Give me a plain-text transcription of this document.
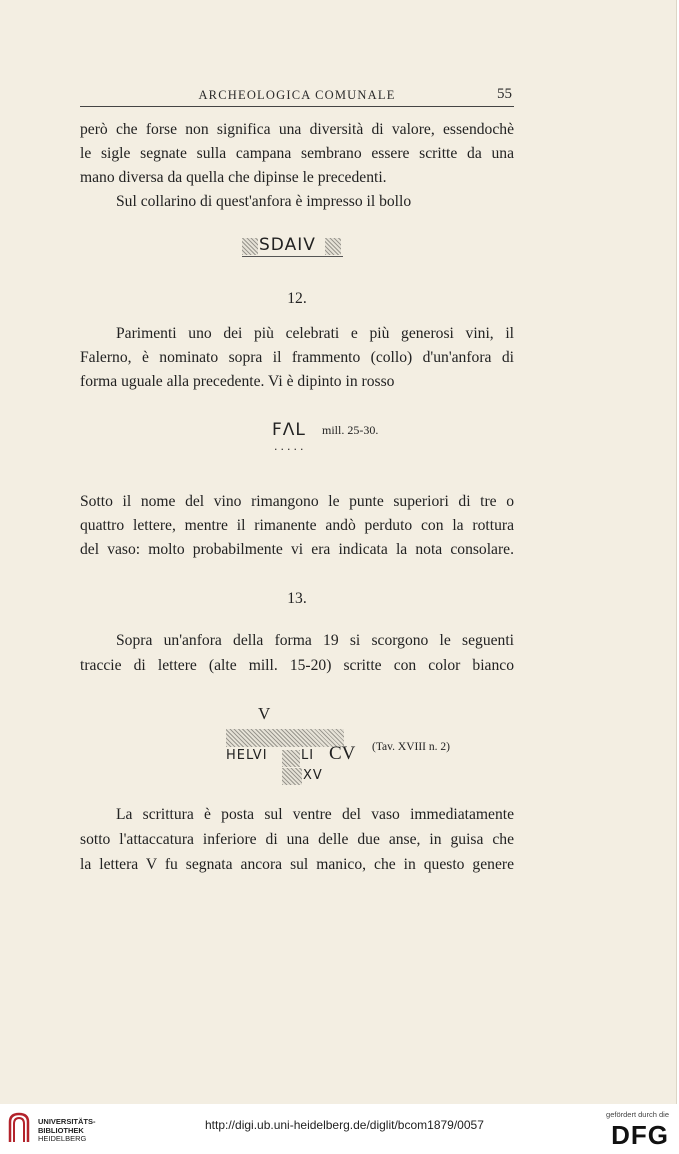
ARCHEOLOGICA COMUNALE	55
però che forse non significa una diversità di valore, essendochè
le sigle segnate sulla campana sembrano essere scritte da una
mano diversa da quella che dipinse le precedenti.
Sul collarino di quest'anfora è impresso il bollo
SDAIV
12.
Parimenti uno dei più celebrati e più generosi vini, il
Falerno, è nominato sopra il frammento (collo) d'un'anfora di
forma uguale alla precedente. Vi è dipinto in rosso
FΛL mill. 25-30.
.....
Sotto il nome del vino rimangono le punte superiori di tre o
quattro lettere, mentre il rimanente andò perduto con la rottura
del vaso: molto probabilmente vi era indicata la nota consolare.
13.
Sopra un'anfora della forma 19 si scorgono le seguenti
traccie di lettere (alte mill. 15-20) scritte con color bianco
V
HELVI	LI CV (Tav. XVIII n. 2)
XV
La scrittura è posta sul ventre del vaso immediatamente
sotto l'attaccatura inferiore di una delle due anse, in guisa che
la lettera V fu segnata ancora sul manico, che in questo genere
UNIVERSITÄTS-
BIBLIOTHEK
HEIDELBERG
http://digi.ub.uni-heidelberg.de/diglit/bcom1879/0057
gefördert durch die
DFG
